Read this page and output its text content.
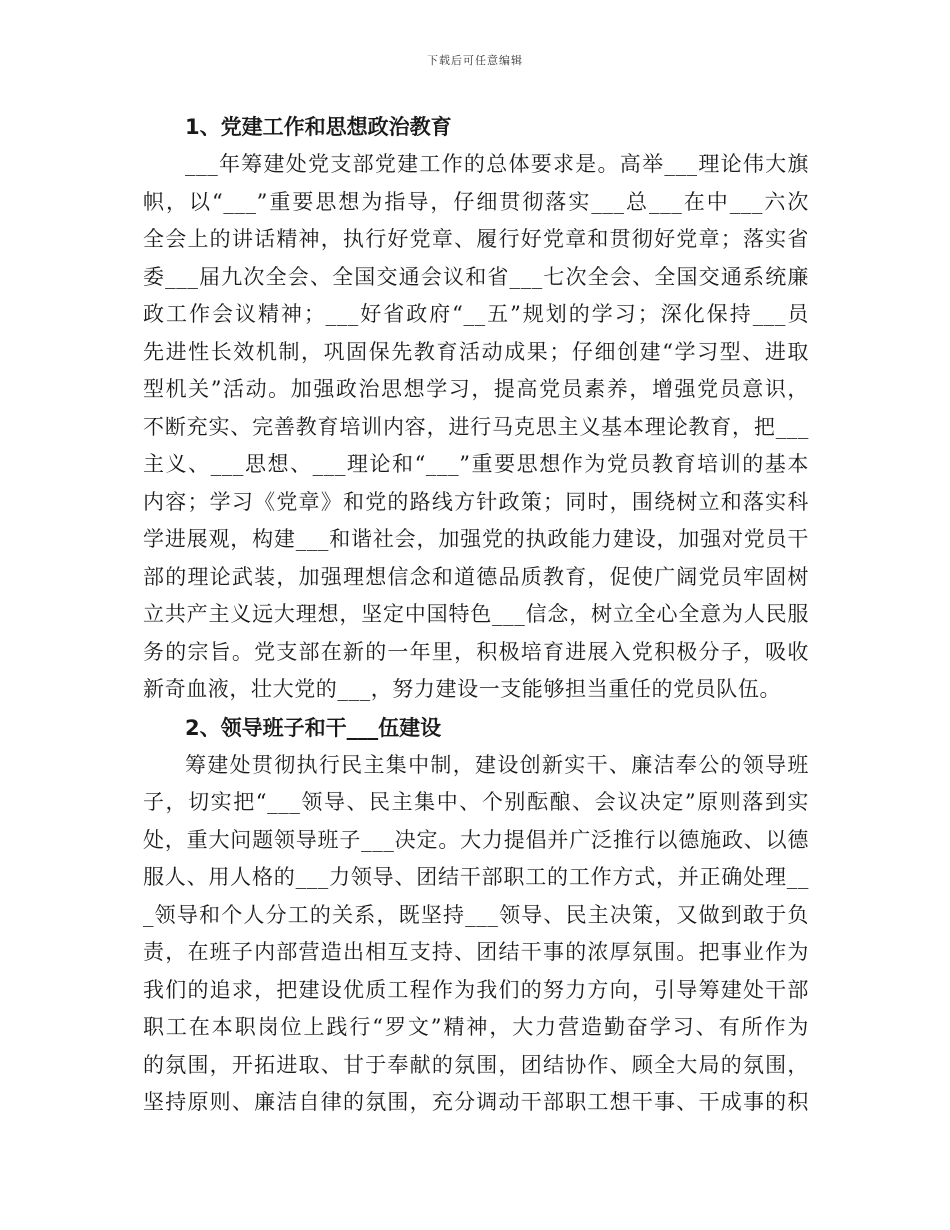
下载后可任意编辑
1、党建工作和思想政治教育
___年筹建处党支部党建工作的总体要求是。高举___理论伟大旗
帜，以“___”重要思想为指导，仔细贯彻落实___总___在中___六次
全会上的讲话精神，执行好党章、履行好党章和贯彻好党章；落实省
委___届九次全会、全国交通会议和省___七次全会、全国交通系统廉
政工作会议精神；___好省政府“__五”规划的学习；深化保持___员
先进性长效机制，巩固保先教育活动成果；仔细创建“学习型、进取
型机关”活动。加强政治思想学习，提高党员素养，增强党员意识，
不断充实、完善教育培训内容，进行马克思主义基本理论教育，把___
主义、___思想、___理论和“___”重要思想作为党员教育培训的基本
内容；学习《党章》和党的路线方针政策；同时，围绕树立和落实科
学进展观，构建___和谐社会，加强党的执政能力建设，加强对党员干
部的理论武装，加强理想信念和道德品质教育，促使广阔党员牢固树
立共产主义远大理想，坚定中国特色___信念，树立全心全意为人民服
务的宗旨。党支部在新的一年里，积极培育进展入党积极分子，吸收
新奇血液，壮大党的___，努力建设一支能够担当重任的党员队伍。
2、领导班子和干___伍建设
筹建处贯彻执行民主集中制，建设创新实干、廉洁奉公的领导班
子，切实把“___领导、民主集中、个别酝酿、会议决定”原则落到实
处，重大问题领导班子___决定。大力提倡并广泛推行以德施政、以德
服人、用人格的___力领导、团结干部职工的工作方式，并正确处理__
_领导和个人分工的关系，既坚持___领导、民主决策，又做到敢于负
责，在班子内部营造出相互支持、团结干事的浓厚氛围。把事业作为
我们的追求，把建设优质工程作为我们的努力方向，引导筹建处干部
职工在本职岗位上践行“罗文”精神，大力营造勤奋学习、有所作为
的氛围，开拓进取、甘于奉献的氛围，团结协作、顾全大局的氛围，
坚持原则、廉洁自律的氛围，充分调动干部职工想干事、干成事的积
